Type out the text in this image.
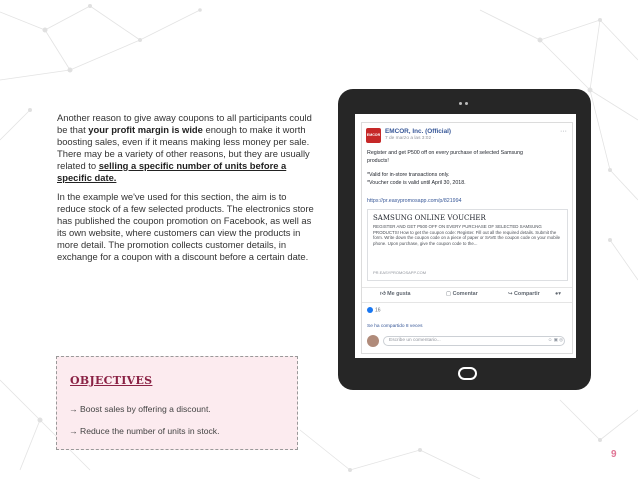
Another reason to give away coupons to all participants could be that your profit margin is wide enough to make it worth boosting sales, even if it means making less money per sale. There may be a variety of other reasons, but they are usually related to selling a specific number of units before a specific date.

In the example we've used for this section, the aim is to reduce stock of a few selected products. The electronics store has published the coupon promotion on Facebook, as well as its own website, where customers can view the products in more detail. The promotion collects customer details, in exchange for a coupon with a discount before a certain date.

OBJECTIVES
→ Boost sales by offering a discount.
→ Reduce the number of units in stock.
EMCOR EMCOR, Inc. (Official)
7 de marzo a las 3:02 ·
···
Register and get P500 off on every purchase of selected Samsung
products!
*Valid for in-store transactions only.
*Voucher code is valid until April 30, 2018.
https://pr.easypromosapp.com/p/821994
SAMSUNG ONLINE VOUCHER
REGISTER AND GET P500 OFF ON EVERY PURCHASE OF SELECTED SAMSUNG PRODUCTS! How to get the coupon code: Register. Fill out all the required details. Submit the form. Write down the coupon code on a piece of paper or SAVE the coupon code on your mobile phone. Upon purchase, give the coupon code to the...
PR.EASYPROMOSAPP.COM
👍︎ Me gusta	▢ Comentar	↪ Compartir	●▾
16
Se ha compartido 8 veces
Escribe un comentario...	☺ ▣ ◎
9
